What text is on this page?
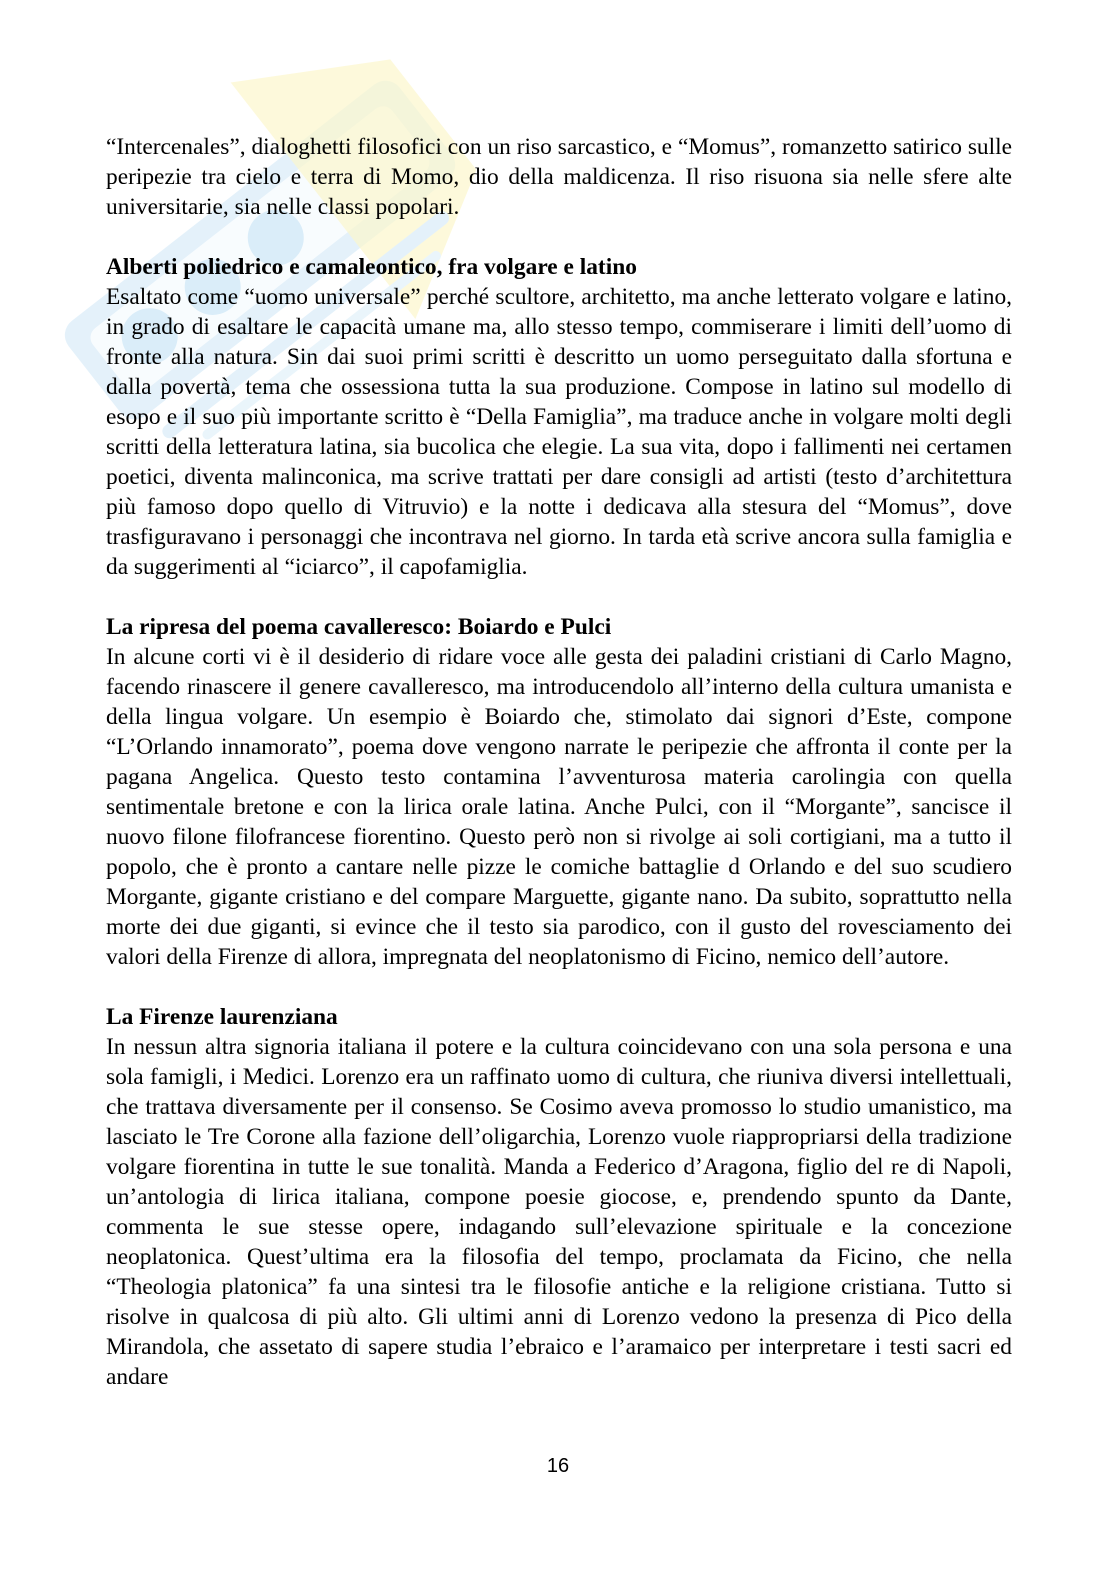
“Intercenales”, dialoghetti filosofici con un riso sarcastico, e “Momus”, romanzetto satirico sulle peripezie tra cielo e terra di Momo, dio della maldicenza. Il riso risuona sia nelle sfere alte universitarie, sia nelle classi popolari.

Alberti poliedrico e camaleontico, fra volgare e latino

Esaltato come “uomo universale” perché scultore, architetto, ma anche letterato volgare e latino, in grado di esaltare le capacità umane ma, allo stesso tempo, commiserare i limiti dell’uomo di fronte alla natura. Sin dai suoi primi scritti è descritto un uomo perseguitato dalla sfortuna e dalla povertà, tema che ossessiona tutta la sua produzione. Compose in latino sul modello di esopo e il suo più importante scritto è “Della Famiglia”, ma traduce anche in volgare molti degli scritti della letteratura latina, sia bucolica che elegie. La sua vita, dopo i fallimenti nei certamen poetici, diventa malinconica, ma scrive trattati per dare consigli ad artisti (testo d’architettura più famoso dopo quello di Vitruvio) e la notte i dedicava alla stesura del “Momus”, dove trasfiguravano i personaggi che incontrava nel giorno. In tarda età scrive ancora sulla famiglia e da suggerimenti al “iciarco”, il capofamiglia.

La ripresa del poema cavalleresco: Boiardo e Pulci

In alcune corti vi è il desiderio di ridare voce alle gesta dei paladini cristiani di Carlo Magno, facendo rinascere il genere cavalleresco, ma introducendolo all’interno della cultura umanista e della lingua volgare. Un esempio è Boiardo che, stimolato dai signori d’Este, compone “L’Orlando innamorato”, poema dove vengono narrate le peripezie che affronta il conte per la pagana Angelica. Questo testo contamina l’avventurosa materia carolingia con quella sentimentale bretone e con la lirica orale latina. Anche Pulci, con il “Morgante”, sancisce il nuovo filone filofrancese fiorentino. Questo però non si rivolge ai soli cortigiani, ma a tutto il popolo, che è pronto a cantare nelle pizze le comiche battaglie d Orlando e del suo scudiero Morgante, gigante cristiano e del compare Marguette, gigante nano. Da subito, soprattutto nella morte dei due giganti, si evince che il testo sia parodico, con il gusto del rovesciamento dei valori della Firenze di allora, impregnata del neoplatonismo di Ficino, nemico dell’autore.

La Firenze laurenziana

In nessun altra signoria italiana il potere e la cultura coincidevano con una sola persona e una sola famigli, i Medici. Lorenzo era un raffinato uomo di cultura, che riuniva diversi intellettuali, che trattava diversamente per il consenso. Se Cosimo aveva promosso lo studio umanistico, ma lasciato le Tre Corone alla fazione dell’oligarchia, Lorenzo vuole riappropriarsi della tradizione volgare fiorentina in tutte le sue tonalità. Manda a Federico d’Aragona, figlio del re di Napoli, un’antologia di lirica italiana, compone poesie giocose, e, prendendo spunto da Dante, commenta le sue stesse opere, indagando sull’elevazione spirituale e la concezione neoplatonica. Quest’ultima era la filosofia del tempo, proclamata da Ficino, che nella “Theologia platonica” fa una sintesi tra le filosofie antiche e la religione cristiana. Tutto si risolve in qualcosa di più alto. Gli ultimi anni di Lorenzo vedono la presenza di Pico della Mirandola, che assetato di sapere studia l’ebraico e l’aramaico per interpretare i testi sacri ed andare

16
